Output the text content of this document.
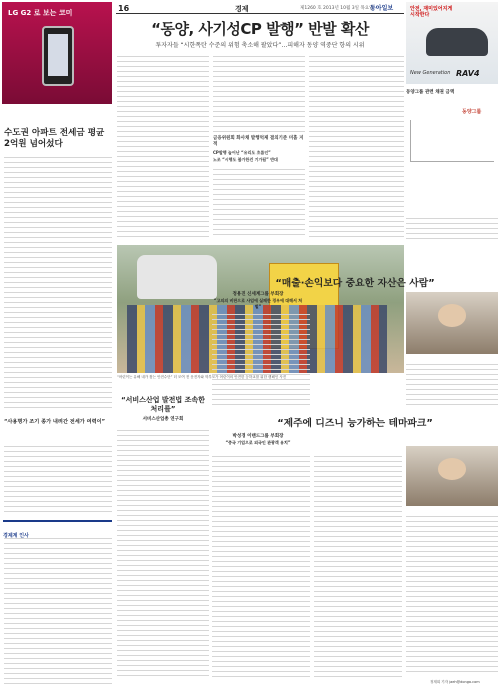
LG G2 로 보는 코미	16	경제	제1260 호 2013년 10월 3일 목요일
동아일보	안전, 재미있어지게 시작한다
New Generation RAV4
“동양, 사기성CP 발행” 반발 확산

투자자들 “시한폭탄 수준의 위험 축소해 팔았다”…피해자 동양 역중단 항의 시위

금융위원회 화사채 발행억제 결의기준 미흡 지적
CP발행 늘어난 “유리도 흐름인”
노조 “시행도 불가한건 기가됨” 반대
동양그룹 관련 채권 금액
동양그룹
수도권 아파트 전세금 평균 2억원 넘어섰다
“사용명가 조기 종가 내려간 전세가 여력이”
경제계 인사

“어린이는 유해 내가 찾는 안전수단” 더 모여 전 운전자와 학부모가 어린이의 안전한 등하교를 위한 캠페인 사진

“매출·손익보다 중요한 자산은 사람”
정용진 신세계그룹 부회장
“고의의 비판으로 사업에 실패한 경우에 대해서 처벌”
“제주에 디즈니 능가하는 테마파크”
박성경 이랜드그룹 부회장
“중국 기업으로 외국인 관광객 유치”
“서비스산업 발전법 조속한 처리를”
서비스산업총 연구회
정재희 기자 jaeh@donga.com
